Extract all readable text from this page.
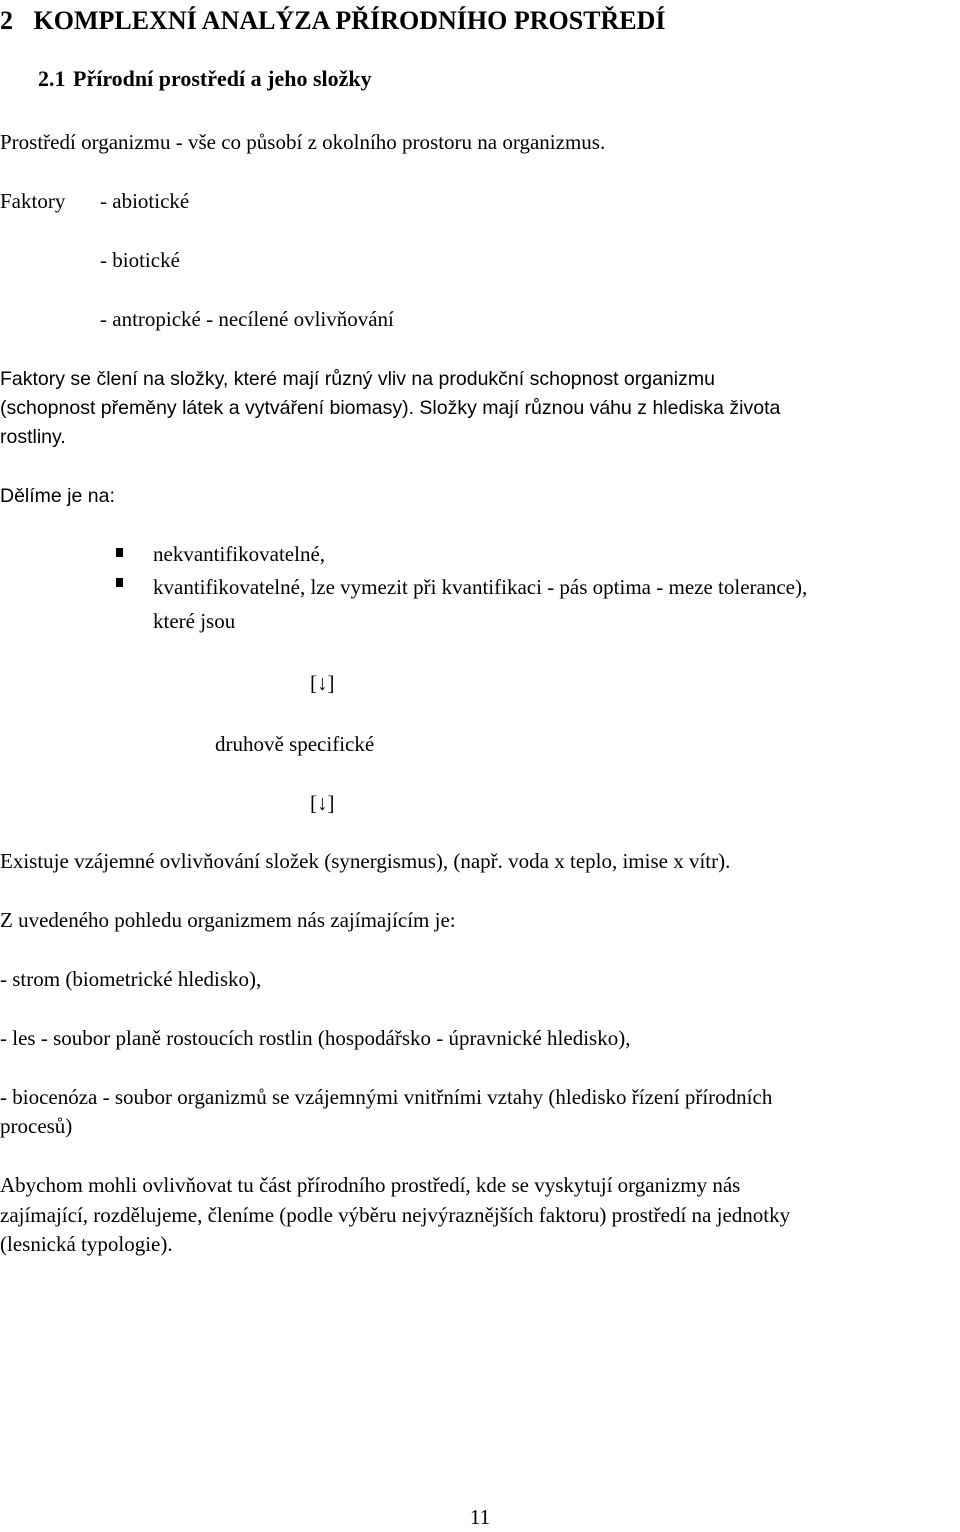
2 KOMPLEXNÍ ANALÝZA PŘÍRODNÍHO PROSTŘEDÍ
2.1 Přírodní prostředí a jeho složky

Prostředí organizmu - vše co působí z okolního prostoru na organizmus.

Faktory - abiotické

- biotické

- antropické - necílené ovlivňování

Faktory se člení na složky, které mají různý vliv na produkční schopnost organizmu

(schopnost přeměny látek a vytváření biomasy). Složky mají různou váhu z hlediska života

rostliny.

Dělíme je na:

nekvantifikovatelné,

kvantifikovatelné, lze vymezit při kvantifikaci - pás optima - meze tolerance),

které jsou

[↓]

druhově specifické

[↓]

Existuje vzájemné ovlivňování složek (synergismus), (např. voda x teplo, imise x vítr).

Z uvedeného pohledu organizmem nás zajímajícím je:

- strom (biometrické hledisko),

- les - soubor planě rostoucích rostlin (hospodářsko - úpravnické hledisko),

- biocenóza - soubor organizmů se vzájemnými vnitřními vztahy (hledisko řízení přírodních

procesů)

Abychom mohli ovlivňovat tu část přírodního prostředí, kde se vyskytují organizmy nás

zajímající, rozdělujeme, členíme (podle výběru nejvýraznějších faktoru) prostředí na jednotky

(lesnická typologie).

11
